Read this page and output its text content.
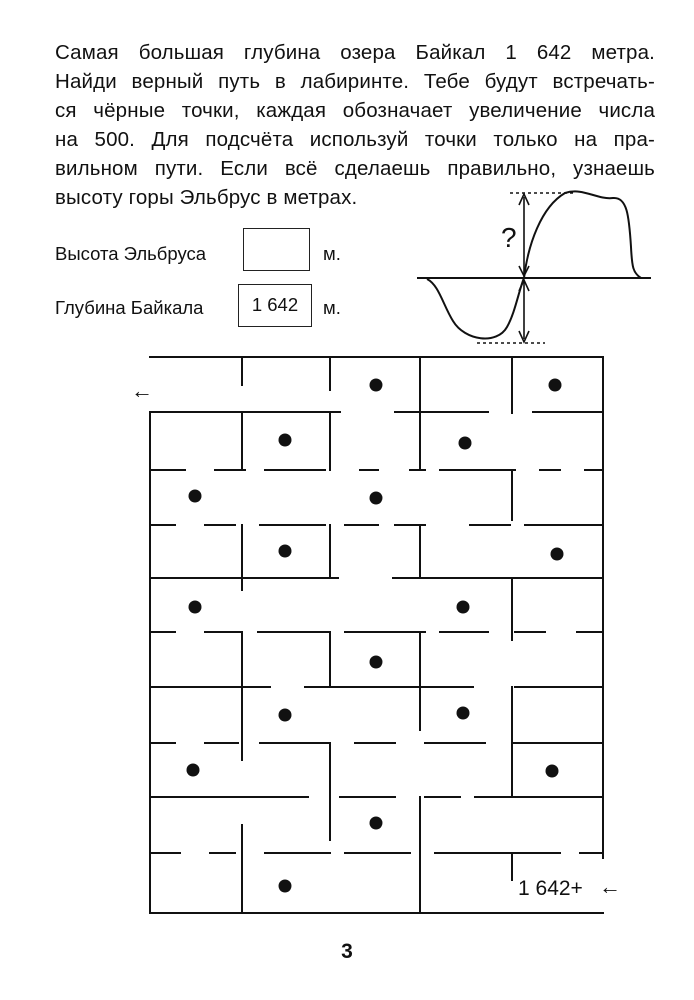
Самая большая глубина озера Байкал 1 642 метра.
Найди верный путь в лабиринте. Тебе будут встречать-
ся чёрные точки, каждая обозначает увеличение числа
на 500. Для подсчёта используй точки только на пра-
вильном пути. Если всё сделаешь правильно, узнаешь
высоту горы Эльбрус в метрах.
Высота Эльбруса	м.
Глубина Байкала	1 642	м.
?
←
1 642+ ←
3
